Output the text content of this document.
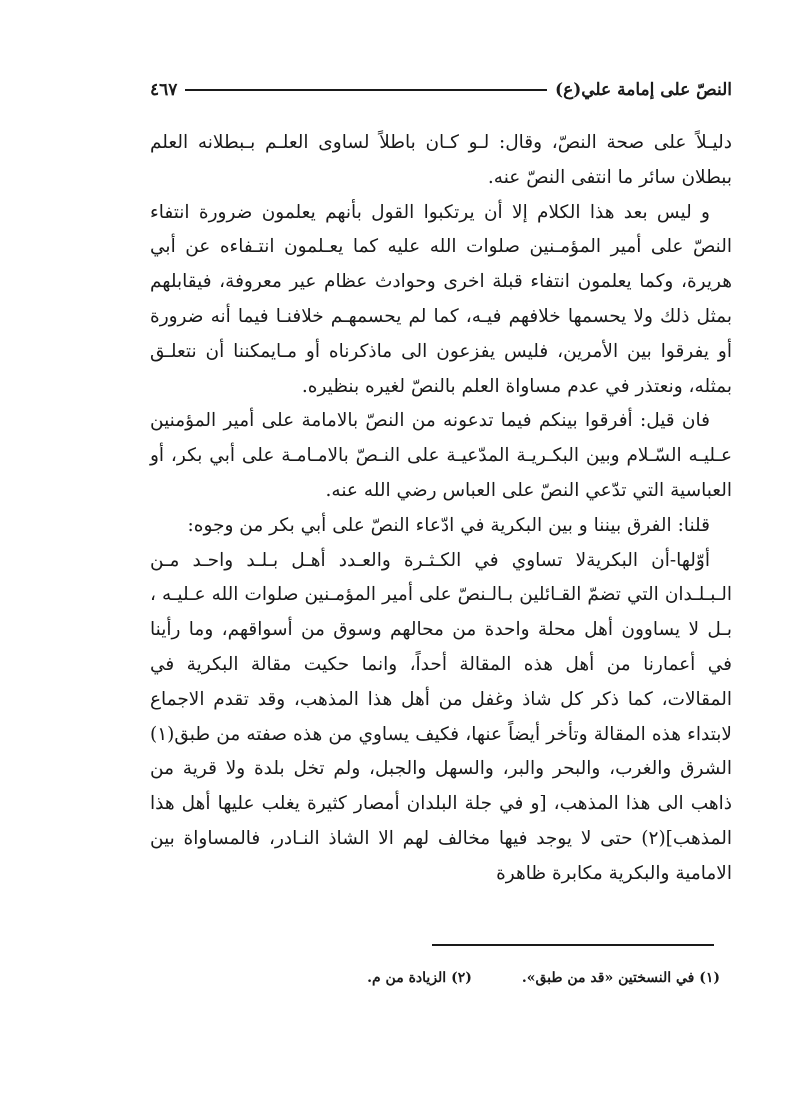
النصّ على إمامة علي(ع)
٤٦٧

دليـلاً على صحة النصّ، وقال: لـو كـان باطلاً لساوى العلـم بـبطلانه العلم ببطلان سائر ما انتفى النصّ عنه.

و ليس بعد هذا الكلام إلا أن يرتكبوا القول بأنهم يعلمون ضرورة انتفاء النصّ على أمير المؤمـنين صلوات الله عليه كما يعـلمون انتـفاءه عن أبي هريرة، وكما يعلمون انتفاء قبلة اخرى وحوادث عظام عير معروفة، فيقابلهم بمثل ذلك ولا يحسمها خلافهم فيـه، كما لم يحسمهـم خلافنـا فيما أنه ضرورة أو يفرقوا بين الأمرين، فليس يفزعون الى ماذكرناه أو مـايمكننا أن نتعلـق بمثله، ونعتذر في عدم مساواة العلم بالنصّ لغيره بنظيره.

فان قيل: أفرقوا بينكم فيما تدعونه من النصّ بالامامة على أمير المؤمنين عـليـه السّـلام وبين البكـريـة المدّعيـة على النـصّ بالامـامـة على أبي بكر، أو العباسية التي تدّعي النصّ على العباس رضي الله عنه.

قلنا: الفرق بيننا و بين البكرية في ادّعاء النصّ على أبي بكر من وجوه:

أوّلها-أن البكريةلا تساوي في الكـثـرة والعـدد أهـل بـلـد واحـد مـن الـبـلـدان التي تضمّ القـائلين بـالـنصّ على أمير المؤمـنين صلوات الله عـليـه ، بـل لا يساوون أهل محلة واحدة من محالهم وسوق من أسواقهم، وما رأينا في أعمارنا من أهل هذه المقالة أحداً، وانما حكيت مقالة البكرية في المقالات، كما ذكر كل شاذ وغفل من أهل هذا المذهب، وقد تقدم الاجماع لابتداء هذه المقالة وتأخر أيضاً عنها، فكيف يساوي من هذه صفته من طبق(١) الشرق والغرب، والبحر والبر، والسهل والجبل، ولم تخل بلدة ولا قرية من ذاهب الى هذا المذهب، [و في جلة البلدان أمصار كثيرة يغلب عليها أهل هذا المذهب](٢) حتى لا يوجد فيها مخالف لهم الا الشاذ النـادر، فالمساواة بين الامامية والبكرية مكابرة ظاهرة

(١) في النسختين «قد من طبق».
(٢) الزيادة من م.
